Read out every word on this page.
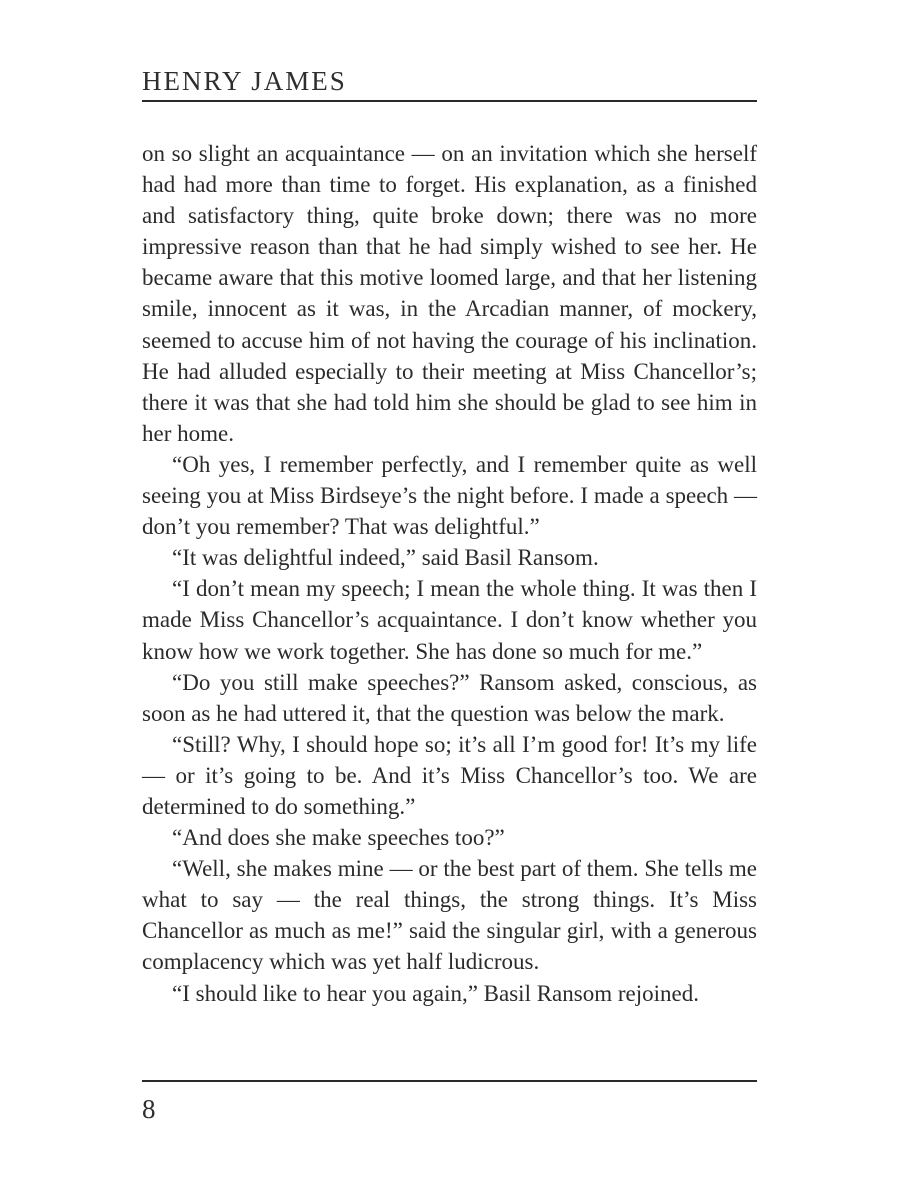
HENRY JAMES

on so slight an acquaintance — on an invitation which she herself had had more than time to forget. His explanation, as a finished and satisfactory thing, quite broke down; there was no more impressive reason than that he had simply wished to see her. He became aware that this motive loomed large, and that her listening smile, innocent as it was, in the Arcadian manner, of mockery, seemed to accuse him of not having the courage of his inclination. He had alluded especially to their meeting at Miss Chancellor’s; there it was that she had told him she should be glad to see him in her home.

“Oh yes, I remember perfectly, and I remember quite as well seeing you at Miss Birdseye’s the night before. I made a speech — don’t you remember? That was delightful.”

“It was delightful indeed,” said Basil Ransom.

“I don’t mean my speech; I mean the whole thing. It was then I made Miss Chancellor’s acquaintance. I don’t know whether you know how we work together. She has done so much for me.”

“Do you still make speeches?” Ransom asked, conscious, as soon as he had uttered it, that the question was below the mark.

“Still? Why, I should hope so; it’s all I’m good for! It’s my life — or it’s going to be. And it’s Miss Chancellor’s too. We are determined to do something.”

“And does she make speeches too?”

“Well, she makes mine — or the best part of them. She tells me what to say — the real things, the strong things. It’s Miss Chancellor as much as me!” said the singular girl, with a generous complacency which was yet half ludicrous.

“I should like to hear you again,” Basil Ransom rejoined.

8
